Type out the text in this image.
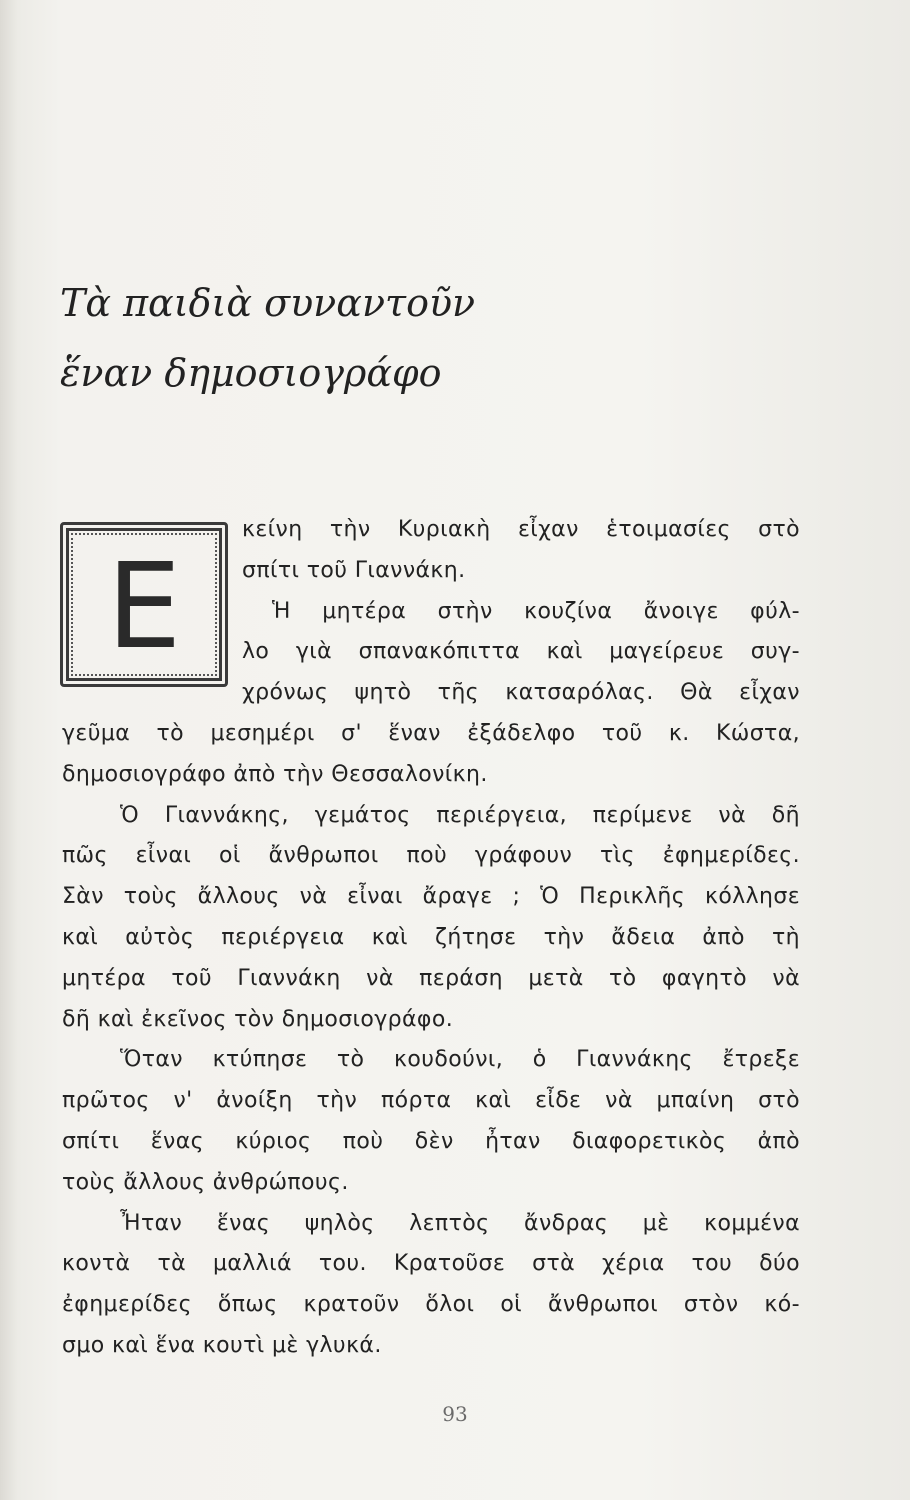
Τὰ παιδιὰ συναντοῦν
ἕναν δημοσιογράφο
Ε
κείνη τὴν Κυριακὴ εἶχαν ἑτοιμασίες στὸ
σπίτι τοῦ Γιαννάκη.
Ἡ μητέρα στὴν κουζίνα ἄνοιγε φύλ-
λο γιὰ σπανακόπιττα καὶ μαγείρευε συγ-
χρόνως ψητὸ τῆς κατσαρόλας. Θὰ εἶχαν
γεῦμα τὸ μεσημέρι σ' ἕναν ἐξάδελφο τοῦ κ. Κώστα,
δημοσιογράφο ἀπὸ τὴν Θεσσαλονίκη.
Ὁ Γιαννάκης, γεμάτος περιέργεια, περίμενε νὰ δῆ
πῶς εἶναι οἱ ἄνθρωποι ποὺ γράφουν τὶς ἐφημερίδες.
Σὰν τοὺς ἄλλους νὰ εἶναι ἄραγε ; Ὁ Περικλῆς κόλλησε
καὶ αὐτὸς περιέργεια καὶ ζήτησε τὴν ἄδεια ἀπὸ τὴ
μητέρα τοῦ Γιαννάκη νὰ περάση μετὰ τὸ φαγητὸ νὰ
δῆ καὶ ἐκεῖνος τὸν δημοσιογράφο.
Ὅταν κτύπησε τὸ κουδούνι, ὁ Γιαννάκης ἔτρεξε
πρῶτος ν' ἀνοίξη τὴν πόρτα καὶ εἶδε νὰ μπαίνη στὸ
σπίτι ἕνας κύριος ποὺ δὲν ἦταν διαφορετικὸς ἀπὸ
τοὺς ἄλλους ἀνθρώπους.
Ἦταν ἕνας ψηλὸς λεπτὸς ἄνδρας μὲ κομμένα
κοντὰ τὰ μαλλιά του. Κρατοῦσε στὰ χέρια του δύο
ἐφημερίδες ὅπως κρατοῦν ὅλοι οἱ ἄνθρωποι στὸν κό-
σμο καὶ ἕνα κουτὶ μὲ γλυκά.
93
